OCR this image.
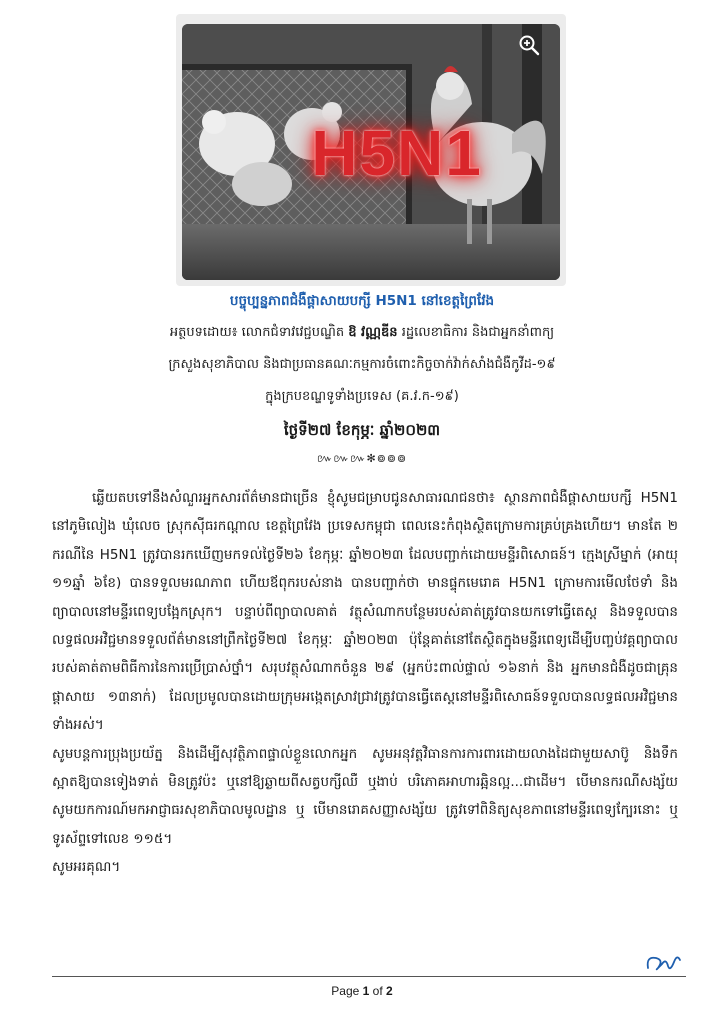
H5N1
បច្ចុប្បន្នភាពជំងឺផ្តាសាយបក្សី H5N1 នៅខេត្តព្រៃវែង
អត្ថបទដោយ៖ លោកជំទាវវេជ្ជបណ្ឌិត ឱ វណ្ណឌីន រដ្ឋលេខាធិការ និងជាអ្នកនាំពាក្យ
ក្រសួងសុខាភិបាល និងជាប្រធានគណៈកម្មការចំពោះកិច្ចចាក់វ៉ាក់សាំងជំងឺកូវីដ-១៩
ក្នុងក្របខណ្ឌទូទាំងប្រទេស (គ.វ.ក-១៩)
ថ្ងៃទី២៧ ខែកុម្ភៈ ឆ្នាំ២០២៣
៚៚៚✻៙៙៙

ឆ្លើយតបទៅនឹងសំណួរអ្នកសារព័ត៌មានជាច្រើន ខ្ញុំសូមជម្រាបជូនសាធារណជនថា៖ ស្ថានភាពជំងឺផ្តាសាយបក្សី H5N1 នៅភូមិលៀង ឃុំលេច ស្រុកស៊ីធរកណ្តាល ខេត្តព្រៃវែង ប្រទេសកម្ពុជា ពេលនេះកំពុងស្ថិតក្រោមការគ្រប់គ្រងហើយ។ មានតែ ២ ករណីនៃ H5N1 ត្រូវបានរកឃើញមកទល់ថ្ងៃទី២៦ ខែកុម្ភៈ ឆ្នាំ២០២៣ ដែលបញ្ជាក់ដោយមន្ទីរពិសោធន៍។ ក្មេងស្រីម្នាក់ (អាយុ ១១ឆ្នាំ ៦ខែ) បានទទួលមរណភាព ហើយឪពុករបស់នាង បានបញ្ជាក់ថា មានផ្ទុកមេរោគ H5N1 ក្រោមការមើលថែទាំ និងព្យាបាលនៅមន្ទីរពេទ្យបង្អែកស្រុក។ បន្ទាប់ពីព្យាបាលគាត់ វត្ថុសំណាកបន្ថែមរបស់គាត់ត្រូវបានយកទៅធ្វើតេស្ត និងទទួលបានលទ្ធផលអវិជ្ជមានទទួលព័ត៌មាននៅព្រឹកថ្ងៃទី២៧ ខែកុម្ភៈ ឆ្នាំ២០២៣ ប៉ុន្តែគាត់នៅតែស្ថិតក្នុងមន្ទីរពេទ្យដើម្បីបញ្ចប់វគ្គព្យាបាលរបស់គាត់តាមពិធីការនៃការប្រើប្រាស់ថ្នាំ។ សរុបវត្ថុសំណាកចំនួន ២៩ (អ្នកប៉ះពាល់ផ្ទាល់ ១៦នាក់ និង អ្នកមានជំងឺដូចជាគ្រុនផ្តាសាយ ១៣នាក់) ដែលប្រមូលបានដោយក្រុមអង្កេតស្រាវជ្រាវត្រូវបានធ្វើតេស្តនៅមន្ទីរពិសោធន៍ទទួលបានលទ្ធផលអវិជ្ជមានទាំងអស់។

សូមបន្តការប្រុងប្រយ័ត្ន និងដើម្បីសុវត្ថិភាពផ្ទាល់ខ្លួនលោកអ្នក សូមអនុវត្តវិធានការការពារដោយលាងដៃជាមួយសាប៊ូ និងទឹកស្អាតឱ្យបានទៀងទាត់ មិនត្រូវប៉ះ ឬនៅឱ្យឆ្ងាយពីសត្វបក្សីឈឺ ឬងាប់ បរិភោគអាហារឆ្អិនល្អ...ជាដើម។ បើមានករណីសង្ស័យ សូមយកការណ៍មកអាជ្ញាធរសុខាភិបាលមូលដ្ឋាន ឬ បើមានរោគសញ្ញាសង្ស័យ ត្រូវទៅពិនិត្យសុខភាពនៅមន្ទីរពេទ្យក្បែរនោះ ឬទូរស័ព្ទទៅលេខ ១១៥។

សូមអរគុណ។

Page 1 of 2
